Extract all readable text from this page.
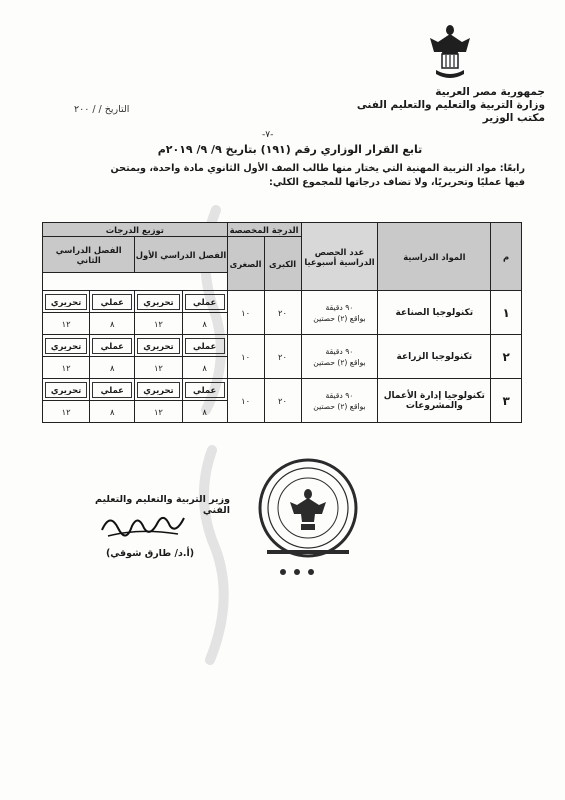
جمهورية مصر العربية
وزارة التربية والتعليم والتعليم الفنى
مكتب الوزير
التاريخ / / ٢٠٠
-٧-
تابع القرار الوزاري رقم (١٩١) بتاريخ ٩/ ٩/ ٢٠١٩م
رابعًا: مواد التربية المهنية التي يختار منها طالب الصف الأول الثانوي مادة واحدة، ويمتحن فيها عمليًا وتحريريًا، ولا تضاف درجاتها للمجموع الكلي:
م	المواد الدراسية	عدد الحصص الدراسية أسبوعيا	الدرجة المخصصة		توزيع الدرجات			
			الكبرى	الصغرى	الفصل الدراسي الأول		الفصل الدراسي الثاني	

١	تكنولوجيا الصناعة	٩٠ دقيقة
بواقع (٢) حصتين	٢٠	١٠	عملي	تحريري	عملي	تحريري

					٨	١٢	٨	١٢
٢	تكنولوجيا الزراعة	٩٠ دقيقة
بواقع (٢) حصتين	٢٠	١٠	عملي	تحريري	عملي	تحريري

					٨	١٢	٨	١٢
٣	تكنولوجيا إدارة الأعمال والمشروعات	٩٠ دقيقة
بواقع (٢) حصتين	٢٠	١٠	عملي	تحريري	عملي	تحريري

					٨	١٢	٨	١٢
وزير التربية والتعليم والتعليم الفني
(أ.د/ طارق شوقي)
